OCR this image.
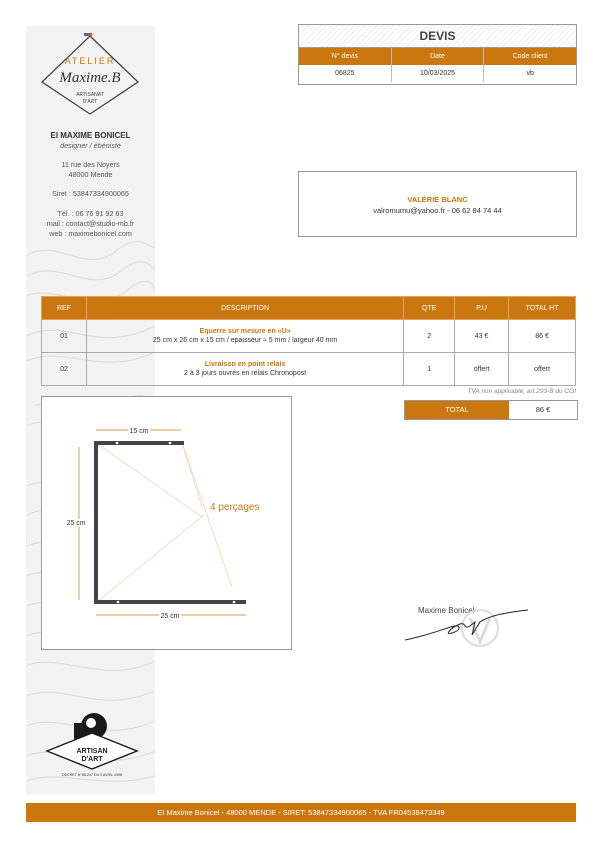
ATELIER
Maxime.B
ARTISANAT
D'ART
EI MAXIME BONICEL
designer / ébéniste
11 rue des Noyers
48000 Mende
Siret : 53847334900065
Tél. : 06 76 91 92 63
mail : contact@studio-mb.fr
web : maximebonicel.com
ARTISAN
D'ART
DECRET N°98-247 DU 2 AVRIL 1998
DEVIS
N° devis	Date	Code client
06825	10/03/2025	vb
VALÉRIE BLANC
valromumu@yahoo.fr - 06 62 84 74 44
REF	DESCRIPTION	QTE	P.U	TOTAL HT
01	Equerre sur mesure en «U»
25 cm x 26 cm x 15 cm / epaisseur ≈ 5 mm / largeur 40 mm	2	43 €	86 €
02	Livraison en point relais
2 à 3 jours ouvrés en relais Chronopost	1	offert	offert
TVA non applicable, art.293-B du CGI
TOTAL	86 €
15 cm
25 cm
25 cm
4 perçages
Maxime Bonicel
EI Maxime Bonicel - 48000 MENDE - SIRET: 53847334900065 - TVA FR04538473349
